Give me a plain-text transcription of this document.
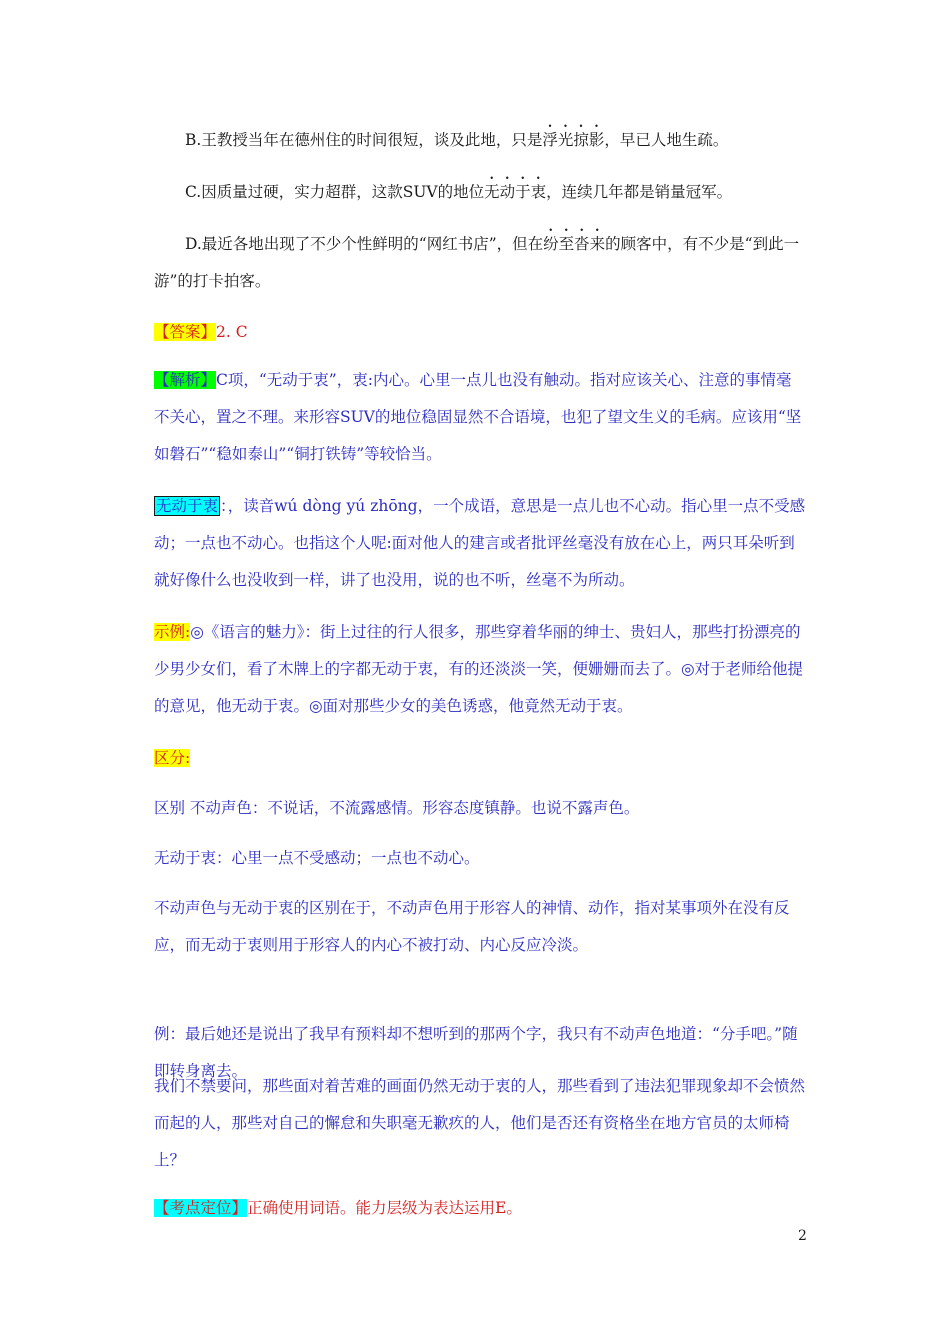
B.王教授当年在德州住的时间很短，谈及此地，只是浮光掠影，早已人地生疏。

C.因质量过硬，实力超群，这款SUV的地位无动于衷，连续几年都是销量冠军。

D.最近各地出现了不少个性鲜明的“网红书店”，但在纷至沓来的顾客中，有不少是“到此一游”的打卡拍客。

【答案】2. C

【解析】C项，“无动于衷”，衷:内心。心里一点儿也没有触动。指对应该关心、注意的事情毫不关心，置之不理。来形容SUV的地位稳固显然不合语境，也犯了望文生义的毛病。应该用“坚如磐石”“稳如泰山”“铜打铁铸”等较恰当。

无动于衷 ：，读音wú dòng yú zhōng，一个成语，意思是一点儿也不心动。指心里一点不受感动；一点也不动心。也指这个人呢:面对他人的建言或者批评丝毫没有放在心上，两只耳朵听到就好像什么也没收到一样，讲了也没用，说的也不听，丝毫不为所动。

示例:◎《语言的魅力》：街上过往的行人很多，那些穿着华丽的绅士、贵妇人，那些打扮漂亮的少男少女们，看了木牌上的字都无动于衷，有的还淡淡一笑，便姗姗而去了。◎对于老师给他提的意见，他无动于衷。◎面对那些少女的美色诱惑，他竟然无动于衷。

区分:

区别 不动声色：不说话，不流露感情。形容态度镇静。也说不露声色。

无动于衷：心里一点不受感动；一点也不动心。

不动声色与无动于衷的区别在于，不动声色用于形容人的神情、动作，指对某事项外在没有反应，而无动于衷则用于形容人的内心不被打动、内心反应冷淡。

例：最后她还是说出了我早有预料却不想听到的那两个字，我只有不动声色地道：“分手吧。”随即转身离去。

我们不禁要问，那些面对着苦难的画面仍然无动于衷的人，那些看到了违法犯罪现象却不会愤然而起的人，那些对自己的懈怠和失职毫无歉疚的人，他们是否还有资格坐在地方官员的太师椅上？

【考点定位】正确使用词语。能力层级为表达运用E。

2
